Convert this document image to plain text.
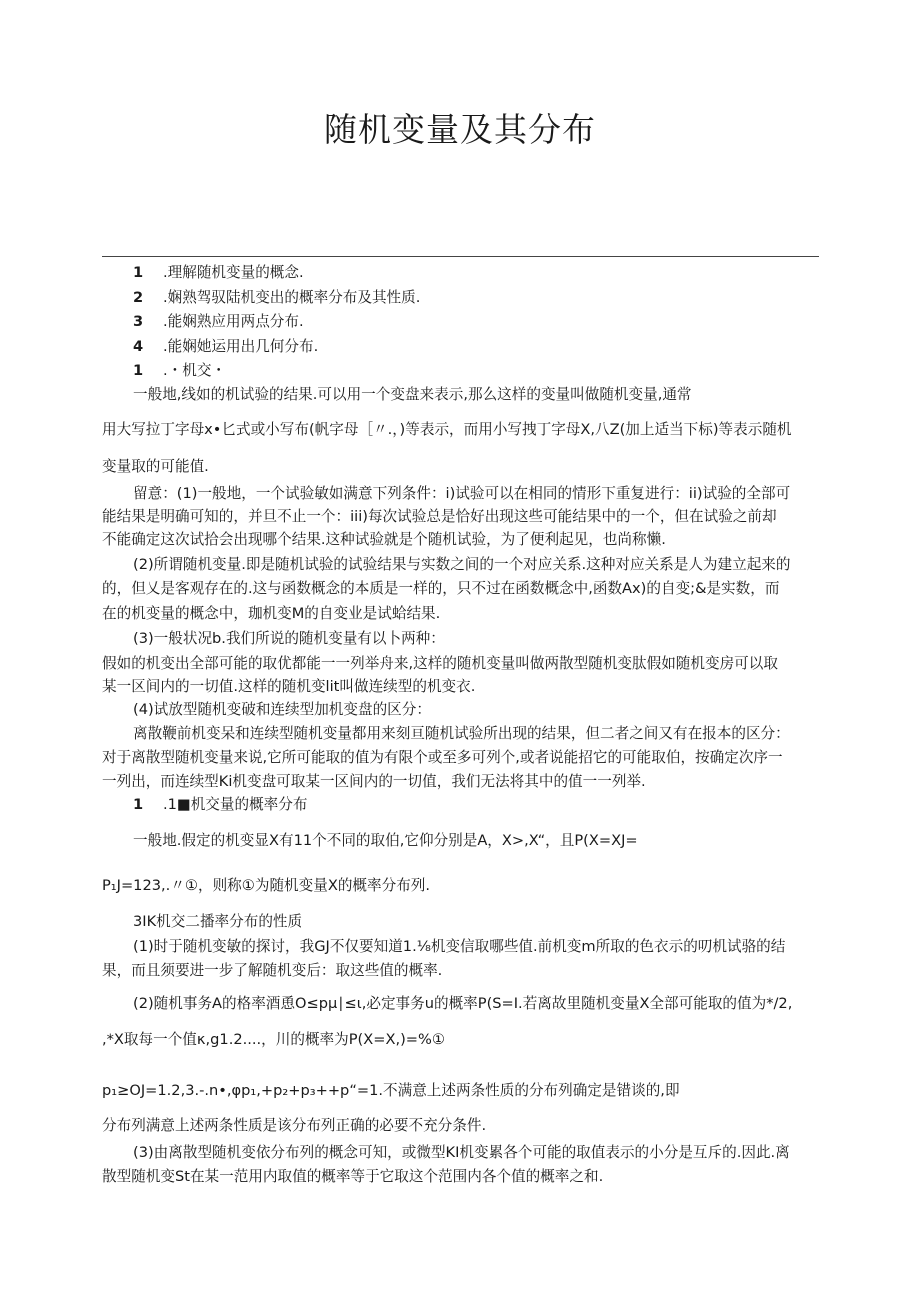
随机变量及其分布
1 .理解随机变量的概念.
2 .娴熟驾驭陆机变出的概率分布及其性质.
3 .能娴熟应用两点分布.
4 .能娴她运用出几何分布.
1 .・机交・
一般地,线如的机试验的结果.可以用一个变盘来表示,那么这样的变量叫做随机变量,通常
用大写拉丁字母x•匕式或小写布(帆字母［〃.，)等表示，而用小写拽丁字母X,八Z(加上适当下标)等表示随机
变量取的可能值.
留意：(1)一般地，一个试验敏如满意下列条件：i)试验可以在相同的情形下重复进行：ii)试验的全部可
能结果是明确可知的，并旦不止一个：iii)每次试验总是恰好出现这些可能结果中的一个，但在试验之前却
不能确定这次试拾会出现哪个结果.这种试验就是个随机试验，为了便利起见，也尚称懒.
(2)所谓随机变量.即是随机试验的试验结果与实数之间的一个对应关系.这种对应关系是人为建立起来的
的，但乂是客观存在的.这与函数概念的本质是一样的，只不过在函数概念中,函数Ax)的自变;&是实数，而
在的机变量的概念中，珈机变M的自变业是试蛤结果.
(3)一般状况b.我们所说的随机变量有以卜两种：
假如的机变出全部可能的取优都能一一列举舟来,这样的随机变量叫做两散型随机变肽假如随机变房可以取
某一区间内的一切值.这样的随机变lit叫做连续型的机变衣.
(4)试放型随机变破和连续型加机变盘的区分：
离散鞭前机变呆和连续型随机变量都用来刻亘随机试验所出现的结果，但二者之间又有在报本的区分：
对于离散型随机变量来说,它所可能取的值为有限个或至多可列个,或者说能招它的可能取伯，按确定次序一
一列出，而连续型Ki机变盘可取某一区间内的一切值，我们无法将其中的值一一列举.
1 .1■机交量的概率分布
一般地.假定的机变显X有11个不同的取伯,它仰分别是A，X>,X“，且P(X=XJ=
P₁J=123,.〃①，则称①为随机变量X的概率分布列.
3IK机交二播率分布的性质
(1)时于随机变敏的探讨，我GJ不仅要知道1.⅛机变信取哪些值.前机变m所取的色衣示的叨机试骆的结
果，而且须要进一步了解随机变后：取这些值的概率.
(2)随机事务A的格率酒恿O≤pμ∣≤ι,必定事务u的概率P(S=I.若离故里随机变量X全部可能取的值为*/2,
,*X取每一个值κ,g1.2....，川的概率为P(X=X,)=%①
p₁≥OJ=1.2,3.-.n•,φp₁,+p₂+p₃++p“=1.不满意上述两条性质的分布列确定是错谈的,即
分布列满意上述两条性质是该分布列正确的必要不充分条件.
(3)由离散型随机变依分布列的概念可知，或微型KI机变累各个可能的取值表示的小分是互斥的.因此.离
散型随机变St在某一范用内取值的概率等于它取这个范围内各个值的概率之和.
